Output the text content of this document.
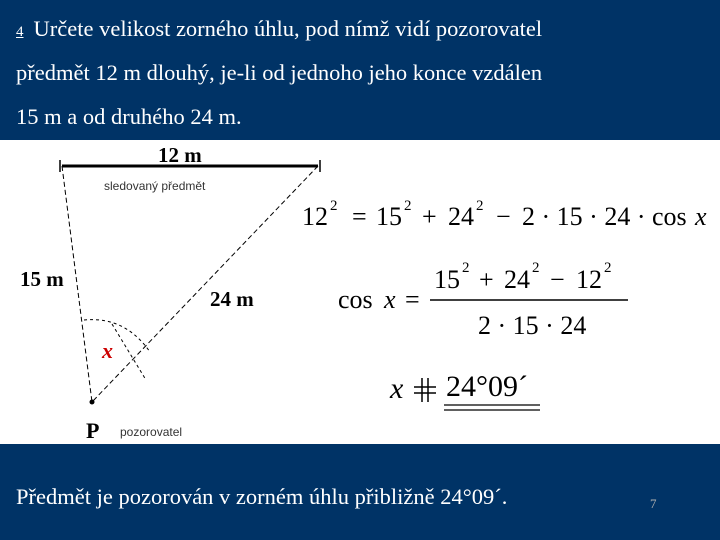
4 Určete velikost zorného úhlu, pod nímž vidí pozorovatel
předmět 12 m dlouhý, je-li od jednoho jeho konce vzdálen
15 m a od druhého 24 m.
12 m
sledovaný předmět
15 m
24 m
x
P pozorovatel
12 2 = 15 2 + 24 2 − 2 · 15 · 24 · cos x
cos x =
15 2 + 24 2 − 12 2
2 · 15 · 24
x 24°09´
Předmět je pozorován v zorném úhlu přibližně 24°09´.	7
